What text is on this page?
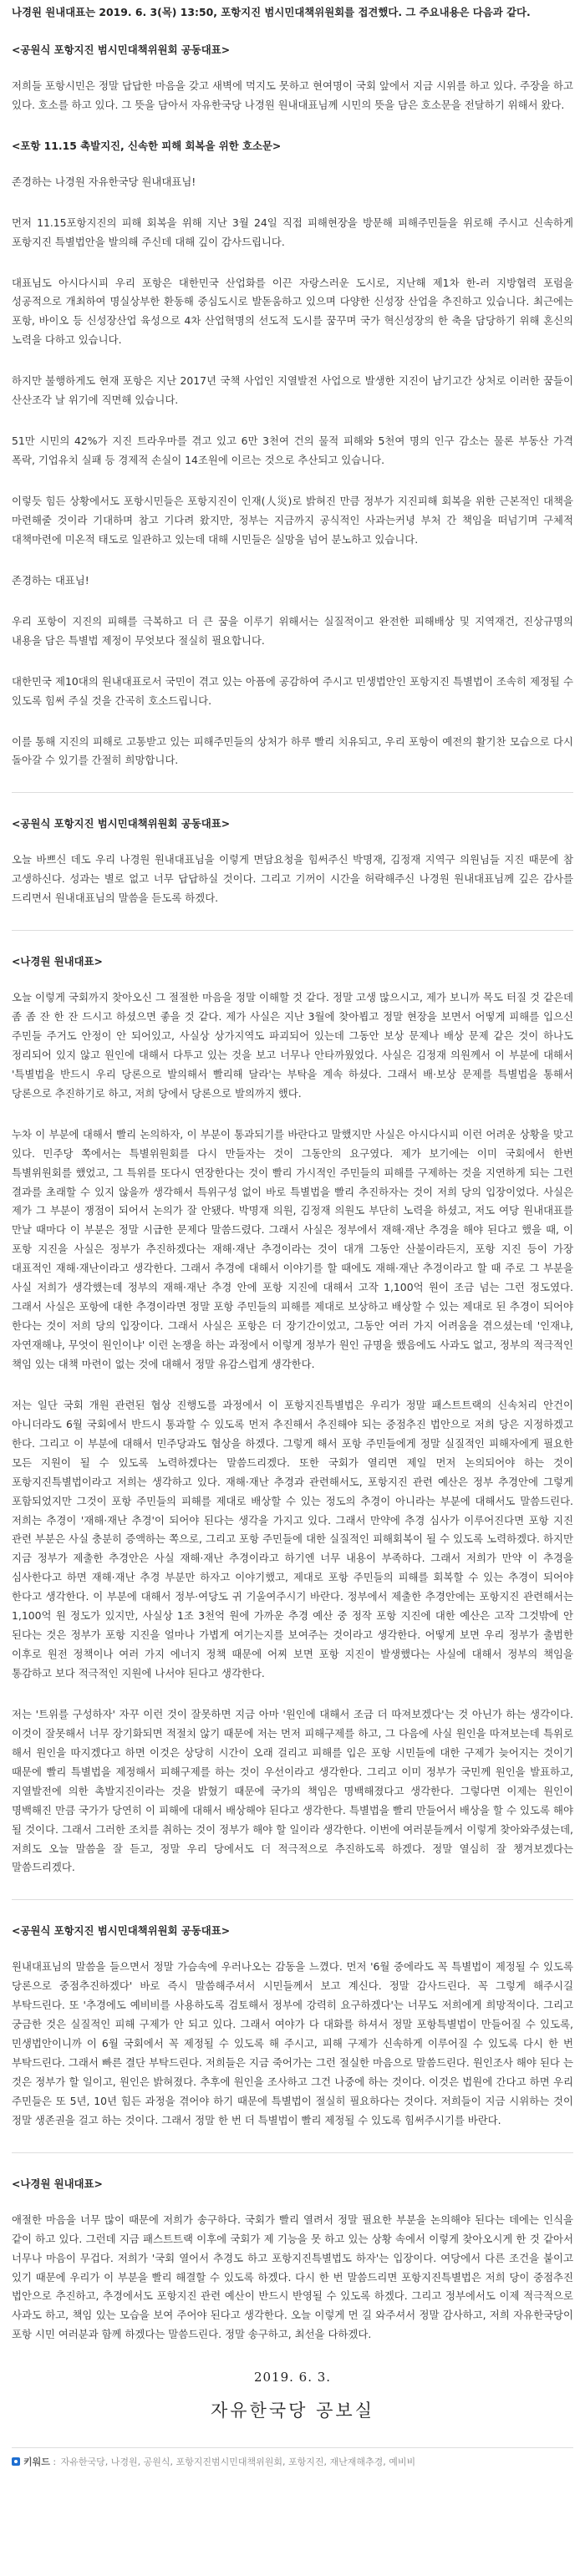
나경원 원내대표는 2019. 6. 3(목) 13:50, 포항지진 범시민대책위원회를 접견했다. 그 주요내용은 다음과 같다.

<공원식 포항지진 범시민대책위원회 공동대표>

저희들 포항시민은 정말 답답한 마음을 갖고 새벽에 먹지도 못하고 현여명이 국회 앞에서 지금 시위를 하고 있다. 주장을 하고 있다. 호소를 하고 있다. 그 뜻을 담아서 자유한국당 나경원 원내대표님께 시민의 뜻을 담은 호소문을 전달하기 위해서 왔다.

<포항 11.15 촉발지진, 신속한 피해 회복을 위한 호소문>

존경하는 나경원 자유한국당 원내대표님!

먼저 11.15포항지진의 피해 회복을 위해 지난 3월 24일 직접 피해현장을 방문해 피해주민들을 위로해 주시고 신속하게 포항지진 특별법안을 발의해 주신데 대해 깊이 감사드립니다.

대표님도 아시다시피 우리 포항은 대한민국 산업화를 이끈 자랑스러운 도시로, 지난해 제1차 한-러 지방협력 포럼을 성공적으로 개최하여 명실상부한 환동해 중심도시로 발돋움하고 있으며 다양한 신성장 산업을 추진하고 있습니다. 최근에는 포항, 바이오 등 신성장산업 육성으로 4차 산업혁명의 선도적 도시를 꿈꾸며 국가 혁신성장의 한 축을 담당하기 위해 혼신의 노력을 다하고 있습니다.

하지만 불행하게도 현재 포항은 지난 2017년 국책 사업인 지열발전 사업으로 발생한 지진이 남기고간 상처로 이러한 꿈들이 산산조각 날 위기에 직면해 있습니다.

51만 시민의 42%가 지진 트라우마를 겪고 있고 6만 3천여 건의 물적 피해와 5천여 명의 인구 감소는 물론 부동산 가격 폭락, 기업유치 실패 등 경제적 손실이 14조원에 이르는 것으로 추산되고 있습니다.

이렇듯 힘든 상황에서도 포항시민들은 포항지진이 인재(人災)로 밝혀진 만큼 정부가 지진피해 회복을 위한 근본적인 대책을 마련해줄 것이라 기대하며 참고 기다려 왔지만, 정부는 지금까지 공식적인 사과는커녕 부처 간 책임을 떠넘기며 구체적 대책마련에 미온적 태도로 일관하고 있는데 대해 시민들은 실망을 넘어 분노하고 있습니다.

존경하는 대표님!

우리 포항이 지진의 피해를 극복하고 더 큰 꿈을 이루기 위해서는 실질적이고 완전한 피해배상 및 지역재건, 진상규명의 내용을 담은 특별법 제정이 무엇보다 절실히 필요합니다.

대한민국 제10대의 원내대표로서 국민이 겪고 있는 아픔에 공감하여 주시고 민생법안인 포항지진 특별법이 조속히 제정될 수 있도록 힘써 주실 것을 간곡히 호소드립니다.

이를 통해 지진의 피해로 고통받고 있는 피해주민들의 상처가 하루 빨리 치유되고, 우리 포항이 예전의 활기찬 모습으로 다시 돌아갈 수 있기를 간절히 희망합니다.

<공원식 포항지진 범시민대책위원회 공동대표>

오늘 바쁘신 데도 우리 나경원 원내대표님을 이렇게 면담요청을 힘써주신 박명재, 김정재 지역구 의원님들 지진 때문에 참 고생하신다. 성과는 별로 없고 너무 답답하실 것이다. 그리고 기꺼이 시간을 허락해주신 나경원 원내대표님께 깊은 감사를 드리면서 원내대표님의 말씀을 듣도록 하겠다.

<나경원 원내대표>

오늘 이렇게 국회까지 찾아오신 그 절절한 마음을 정말 이해할 것 같다. 정말 고생 많으시고, 제가 보니까 목도 터질 것 같은데 좀 좀 잔 한 잔 드시고 하셨으면 좋을 것 같다. 제가 사실은 지난 3월에 찾아뵙고 정말 현장을 보면서 어떻게 피해를 입으신 주민들 주거도 안정이 안 되어있고, 사실상 상가지역도 파괴되어 있는데 그동안 보상 문제나 배상 문제 같은 것이 하나도 정리되어 있지 않고 원인에 대해서 다투고 있는 것을 보고 너무나 안타까웠었다. 사실은 김정재 의원께서 이 부분에 대해서 '특별법을 반드시 우리 당론으로 발의해서 빨리해 달라'는 부탁을 계속 하셨다. 그래서 배·보상 문제를 특별법을 통해서 당론으로 추진하기로 하고, 저희 당에서 당론으로 발의까지 했다.

누차 이 부분에 대해서 빨리 논의하자, 이 부분이 통과되기를 바란다고 말했지만 사실은 아시다시피 이런 어려운 상황을 맞고 있다. 민주당 쪽에서는 특별위원회를 다시 만들자는 것이 그동안의 요구였다. 제가 보기에는 이미 국회에서 한번 특별위원회를 했었고, 그 특위를 또다시 연장한다는 것이 빨리 가시적인 주민들의 피해를 구제하는 것을 지연하게 되는 그런 결과를 초래할 수 있지 않을까 생각해서 특위구성 없이 바로 특별법을 빨리 추진하자는 것이 저희 당의 입장이었다. 사실은 제가 그 부분이 쟁점이 되어서 논의가 잘 안됐다. 박명재 의원, 김정재 의원도 부단히 노력을 하셨고, 저도 여당 원내대표를 만날 때마다 이 부분은 정말 시급한 문제다 말씀드렸다. 그래서 사실은 정부에서 재해·재난 추경을 해야 된다고 했을 때, 이 포항 지진을 사실은 정부가 추진하겠다는 재해·재난 추경이라는 것이 대개 그동안 산불이라든지, 포항 지진 등이 가장 대표적인 재해·재난이라고 생각한다. 그래서 추경에 대해서 이야기를 할 때에도 재해·재난 추경이라고 할 때 주로 그 부분을 사실 저희가 생각했는데 정부의 재해·재난 추경 안에 포항 지진에 대해서 고작 1,100억 원이 조금 넘는 그런 정도였다. 그래서 사실은 포항에 대한 추경이라면 정말 포항 주민들의 피해를 제대로 보상하고 배상할 수 있는 제대로 된 추경이 되어야 한다는 것이 저희 당의 입장이다. 그래서 사실은 포항은 더 장기간이었고, 그동안 여러 가지 어려움을 겪으셨는데 '인재냐, 자연재해냐, 무엇이 원인이냐' 이런 논쟁을 하는 과정에서 이렇게 정부가 원인 규명을 했음에도 사과도 없고, 정부의 적극적인 책임 있는 대책 마련이 없는 것에 대해서 정말 유감스럽게 생각한다.

저는 일단 국회 개원 관련된 협상 진행도를 과정에서 이 포항지진특별법은 우리가 정말 패스트트랙의 신속처리 안건이 아니더라도 6월 국회에서 반드시 통과할 수 있도록 먼저 추진해서 추진해야 되는 중점추진 법안으로 저희 당은 지정하겠고 한다. 그리고 이 부분에 대해서 민주당과도 협상을 하겠다. 그렇게 해서 포항 주민들에게 정말 실질적인 피해자에게 필요한 모든 지원이 될 수 있도록 노력하겠다는 말씀드리겠다. 또한 국회가 열리면 제일 먼저 논의되어야 하는 것이 포항지진특별법이라고 저희는 생각하고 있다. 재해·재난 추경과 관련해서도, 포항지진 관련 예산은 정부 추경안에 그렇게 포함되었지만 그것이 포항 주민들의 피해를 제대로 배상할 수 있는 정도의 추경이 아니라는 부분에 대해서도 말씀드린다. 저희는 추경이 '재해·재난 추경'이 되어야 된다는 생각을 가지고 있다. 그래서 만약에 추경 심사가 이루어진다면 포항 지진 관련 부분은 사실 충분히 증액하는 쪽으로, 그리고 포항 주민들에 대한 실질적인 피해회복이 될 수 있도록 노력하겠다. 하지만 지금 정부가 제출한 추경안은 사실 재해·재난 추경이라고 하기엔 너무 내용이 부족하다. 그래서 저희가 만약 이 추경을 심사한다고 하면 재해·재난 추경 부분만 하자고 이야기했고, 제대로 포항 주민들의 피해를 회복할 수 있는 추경이 되어야 한다고 생각한다. 이 부분에 대해서 정부·여당도 귀 기울여주시기 바란다. 정부에서 제출한 추경안에는 포항지진 관련해서는 1,100억 원 정도가 있지만, 사실상 1조 3천억 원에 가까운 추경 예산 중 정작 포항 지진에 대한 예산은 고작 그것밖에 안 된다는 것은 정부가 포항 지진을 얼마나 가볍게 여기는지를 보여주는 것이라고 생각한다. 어떻게 보면 우리 정부가 출범한 이후로 원전 정책이나 여러 가지 에너지 정책 때문에 어찌 보면 포항 지진이 발생했다는 사실에 대해서 정부의 책임을 통감하고 보다 적극적인 지원에 나서야 된다고 생각한다.

저는 '트위를 구성하자' 자꾸 이런 것이 잘못하면 지금 아마 '원인에 대해서 조금 더 따져보겠다'는 것 아닌가 하는 생각이다. 이것이 잘못해서 너무 장기화되면 적절치 않기 때문에 저는 먼저 피해구제를 하고, 그 다음에 사실 원인을 따져보는데 특위로 해서 원인을 따지겠다고 하면 이것은 상당히 시간이 오래 걸리고 피해를 입은 포항 시민들에 대한 구제가 늦어지는 것이기 때문에 빨리 특별법을 제정해서 피해구제를 하는 것이 우선이라고 생각한다. 그리고 이미 정부가 국민께 원인을 발표하고, 지열발전에 의한 촉발지진이라는 것을 밝혔기 때문에 국가의 책임은 명백해졌다고 생각한다. 그렇다면 이제는 원인이 명백해진 만큼 국가가 당연히 이 피해에 대해서 배상해야 된다고 생각한다. 특별법을 빨리 만들어서 배상을 할 수 있도록 해야 될 것이다. 그래서 그러한 조치를 취하는 것이 정부가 해야 할 일이라 생각한다. 이번에 여러분들께서 이렇게 찾아와주셨는데, 저희도 오늘 말씀을 잘 듣고, 정말 우리 당에서도 더 적극적으로 추진하도록 하겠다. 정말 열심히 잘 챙겨보겠다는 말씀드리겠다.

<공원식 포항지진 범시민대책위원회 공동대표>

원내대표님의 말씀을 들으면서 정말 가슴속에 우러나오는 감동을 느꼈다. 먼저 '6월 중에라도 꼭 특별법이 제정될 수 있도록 당론으로 중점추진하겠다' 바로 즉시 말씀해주셔서 시민들께서 보고 계신다. 정말 감사드린다. 꼭 그렇게 해주시길 부탁드린다. 또 '추경에도 예비비를 사용하도록 검토해서 정부에 강력히 요구하겠다'는 너무도 저희에게 희망적이다. 그리고 궁금한 것은 실질적인 피해 구제가 안 되고 있다. 그래서 여야가 다 대화를 하셔서 정말 포항특별법이 만들어질 수 있도록, 민생법안이니까 이 6월 국회에서 꼭 제정될 수 있도록 해 주시고, 피해 구제가 신속하게 이루어질 수 있도록 다시 한 번 부탁드린다. 그래서 빠른 결단 부탁드린다. 저희들은 지금 죽어가는 그런 절실한 마음으로 말씀드린다. 원인조사 해야 된다 는 것은 정부가 할 일이고, 원인은 밝혀졌다. 추후에 원인을 조사하고 그건 나중에 하는 것이다. 이것은 법원에 간다고 하면 우리 주민들은 또 5년, 10년 힘든 과정을 겪어야 하기 때문에 특별법이 절실히 필요하다는 것이다. 저희들이 지금 시위하는 것이 정말 생존권을 걸고 하는 것이다. 그래서 정말 한 번 더 특별법이 빨리 제정될 수 있도록 힘써주시기를 바란다.

<나경원 원내대표>

애절한 마음을 너무 많이 때문에 저희가 송구하다. 국회가 빨리 열려서 정말 필요한 부분을 논의해야 된다는 데에는 인식을 같이 하고 있다. 그런데 지금 패스트트랙 이후에 국회가 제 기능을 못 하고 있는 상황 속에서 이렇게 찾아오시게 한 것 같아서 너무나 마음이 무겁다. 저희가 '국회 열어서 추경도 하고 포항지진특별법도 하자'는 입장이다. 여당에서 다른 조건을 붙이고 있기 때문에 우리가 이 부분을 빨리 해결할 수 있도록 하겠다. 다시 한 번 말씀드리면 포항지진특별법은 저희 당이 중점추진 법안으로 추진하고, 추경에서도 포항지진 관련 예산이 반드시 반영될 수 있도록 하겠다. 그리고 정부에서도 이제 적극적으로 사과도 하고, 책임 있는 모습을 보여 주어야 된다고 생각한다. 오늘 이렇게 먼 길 와주셔서 정말 감사하고, 저희 자유한국당이 포항 시민 여러분과 함께 하겠다는 말씀드린다. 정말 송구하고, 최선을 다하겠다.

2019. 6. 3.

자유한국당 공보실

키워드 : 자유한국당, 나경원, 공원식, 포항지진범시민대책위원회, 포항지진, 재난재해추경, 예비비
